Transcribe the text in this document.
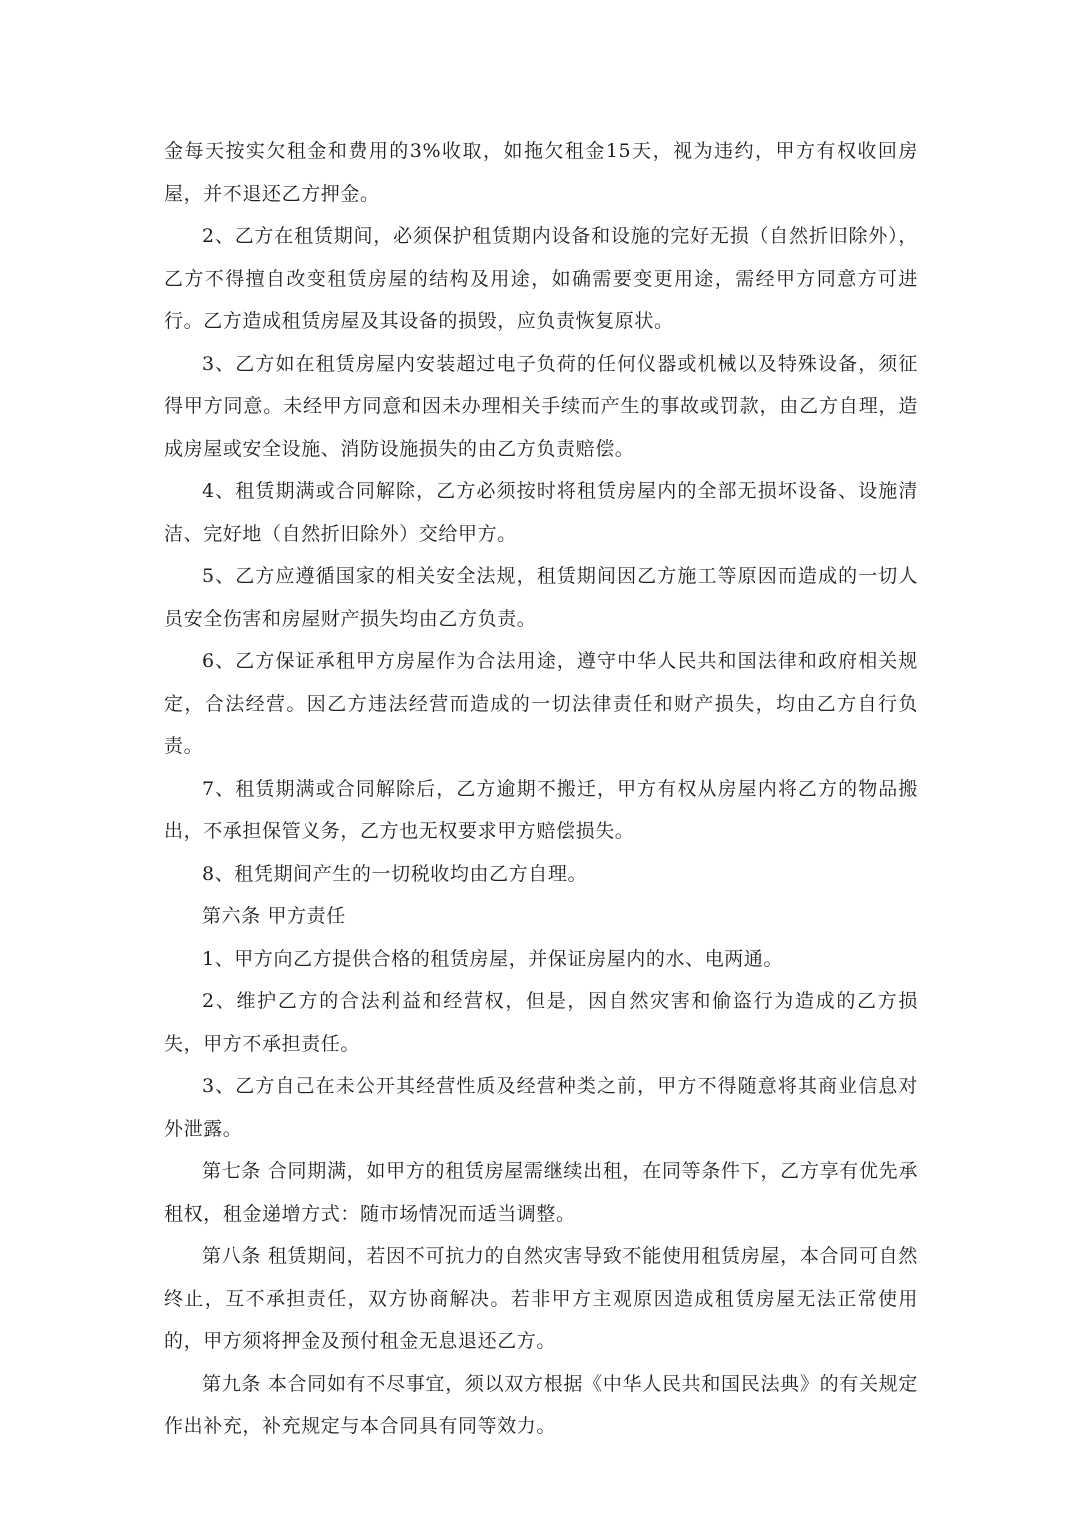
金每天按实欠租金和费用的3%收取，如拖欠租金15天，视为违约，甲方有权收回房屋，并不退还乙方押金。

2、乙方在租赁期间，必须保护租赁期内设备和设施的完好无损（自然折旧除外），乙方不得擅自改变租赁房屋的结构及用途，如确需要变更用途，需经甲方同意方可进行。乙方造成租赁房屋及其设备的损毁，应负责恢复原状。

3、乙方如在租赁房屋内安装超过电子负荷的任何仪器或机械以及特殊设备，须征得甲方同意。未经甲方同意和因未办理相关手续而产生的事故或罚款，由乙方自理，造成房屋或安全设施、消防设施损失的由乙方负责赔偿。

4、租赁期满或合同解除，乙方必须按时将租赁房屋内的全部无损坏设备、设施清洁、完好地（自然折旧除外）交给甲方。

5、乙方应遵循国家的相关安全法规，租赁期间因乙方施工等原因而造成的一切人员安全伤害和房屋财产损失均由乙方负责。

6、乙方保证承租甲方房屋作为合法用途，遵守中华人民共和国法律和政府相关规定，合法经营。因乙方违法经营而造成的一切法律责任和财产损失，均由乙方自行负责。

7、租赁期满或合同解除后，乙方逾期不搬迁，甲方有权从房屋内将乙方的物品搬出，不承担保管义务，乙方也无权要求甲方赔偿损失。

8、租凭期间产生的一切税收均由乙方自理。

第六条 甲方责任

1、甲方向乙方提供合格的租赁房屋，并保证房屋内的水、电两通。

2、维护乙方的合法利益和经营权，但是，因自然灾害和偷盗行为造成的乙方损失，甲方不承担责任。

3、乙方自己在未公开其经营性质及经营种类之前，甲方不得随意将其商业信息对外泄露。

第七条 合同期满，如甲方的租赁房屋需继续出租，在同等条件下，乙方享有优先承租权，租金递增方式：随市场情况而适当调整。

第八条 租赁期间，若因不可抗力的自然灾害导致不能使用租赁房屋，本合同可自然终止，互不承担责任，双方协商解决。若非甲方主观原因造成租赁房屋无法正常使用的，甲方须将押金及预付租金无息退还乙方。

第九条 本合同如有不尽事宜，须以双方根据《中华人民共和国民法典》的有关规定作出补充，补充规定与本合同具有同等效力。
